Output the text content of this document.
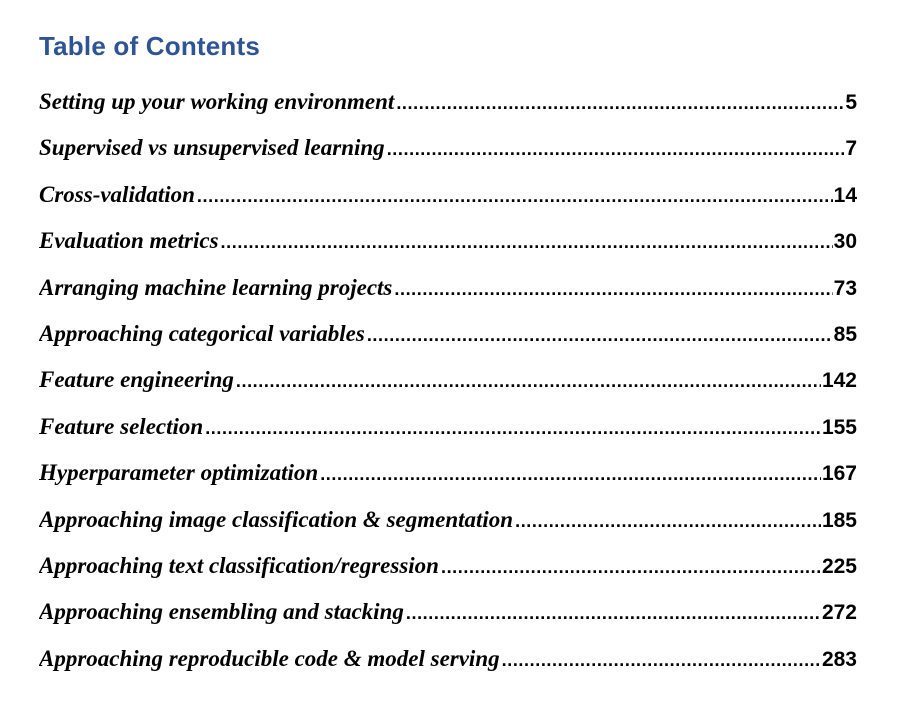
Table of Contents
Setting up your working environment .....	5
Supervised vs unsupervised learning .....	7
Cross-validation .....	14
Evaluation metrics .....	30
Arranging machine learning projects .....	73
Approaching categorical variables .....	85
Feature engineering .....	142
Feature selection .....	155
Hyperparameter optimization .....	167
Approaching image classification & segmentation .....	185
Approaching text classification/regression .....	225
Approaching ensembling and stacking .....	272
Approaching reproducible code & model serving .....	283
